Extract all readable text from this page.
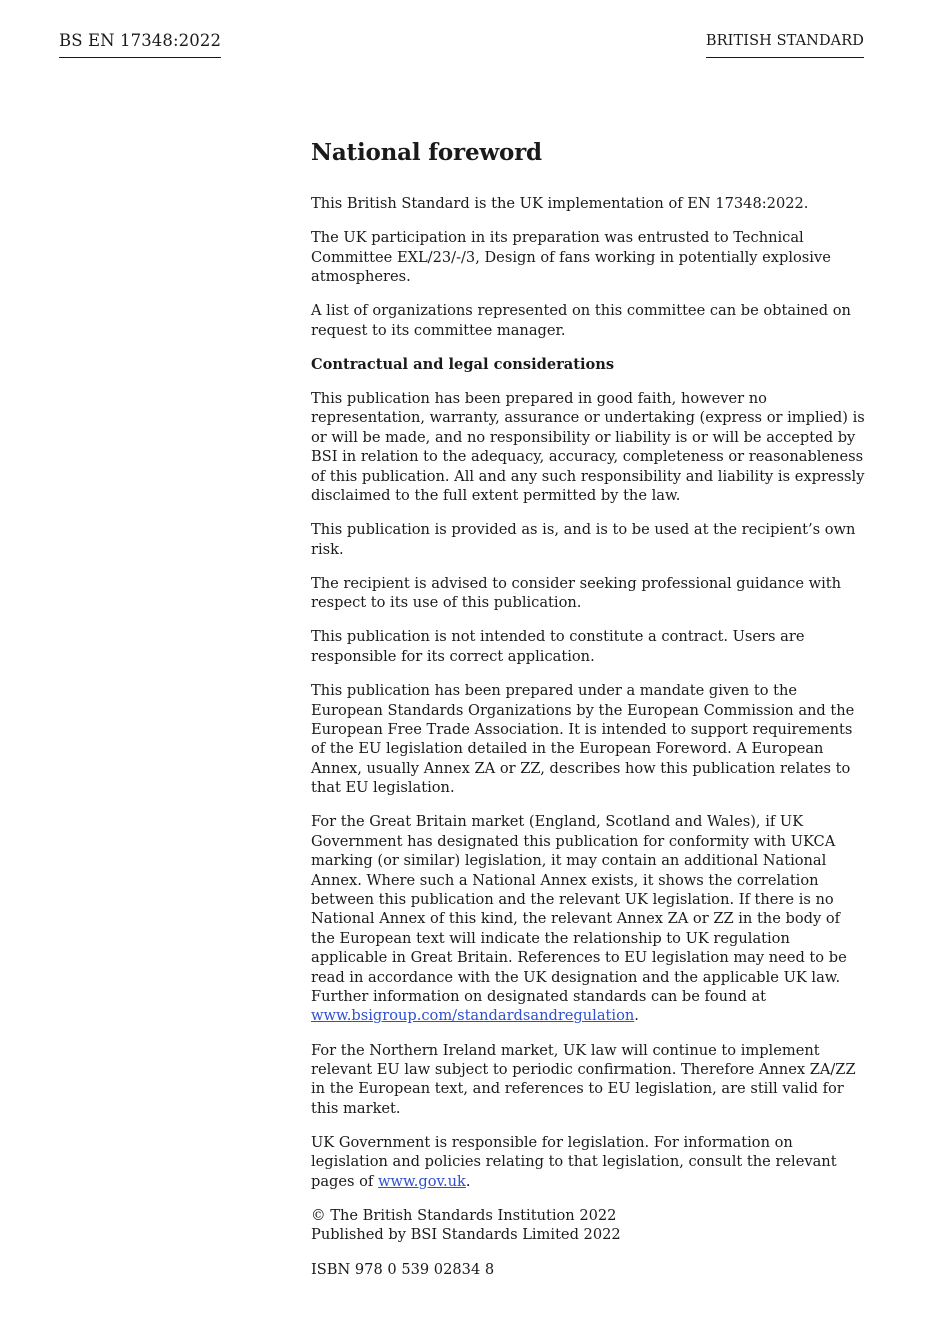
BS EN 17348:2022	BRITISH STANDARD
National foreword

This British Standard is the UK implementation of EN 17348:2022.

The UK participation in its preparation was entrusted to Technical Committee EXL/23/-/3, Design of fans working in potentially explosive atmospheres.

A list of organizations represented on this committee can be obtained on request to its committee manager.

Contractual and legal considerations

This publication has been prepared in good faith, however no representation, warranty, assurance or undertaking (express or implied) is or will be made, and no responsibility or liability is or will be accepted by BSI in relation to the adequacy, accuracy, completeness or reasonableness of this publication. All and any such responsibility and liability is expressly disclaimed to the full extent permitted by the law.

This publication is provided as is, and is to be used at the recipient’s own risk.

The recipient is advised to consider seeking professional guidance with respect to its use of this publication.

This publication is not intended to constitute a contract. Users are responsible for its correct application.

This publication has been prepared under a mandate given to the European Standards Organizations by the European Commission and the European Free Trade Association. It is intended to support requirements of the EU legislation detailed in the European Foreword. A European Annex, usually Annex ZA or ZZ, describes how this publication relates to that EU legislation.

For the Great Britain market (England, Scotland and Wales), if UK Government has designated this publication for conformity with UKCA marking (or similar) legislation, it may contain an additional National Annex. Where such a National Annex exists, it shows the correlation between this publication and the relevant UK legislation. If there is no National Annex of this kind, the relevant Annex ZA or ZZ in the body of the European text will indicate the relationship to UK regulation applicable in Great Britain. References to EU legislation may need to be read in accordance with the UK designation and the applicable UK law. Further information on designated standards can be found at www.bsigroup.com/standardsandregulation.

For the Northern Ireland market, UK law will continue to implement relevant EU law subject to periodic confirmation. Therefore Annex ZA/ZZ in the European text, and references to EU legislation, are still valid for this market.

UK Government is responsible for legislation. For information on legislation and policies relating to that legislation, consult the relevant pages of www.gov.uk.

© The British Standards Institution 2022
Published by BSI Standards Limited 2022

ISBN 978 0 539 02834 8
